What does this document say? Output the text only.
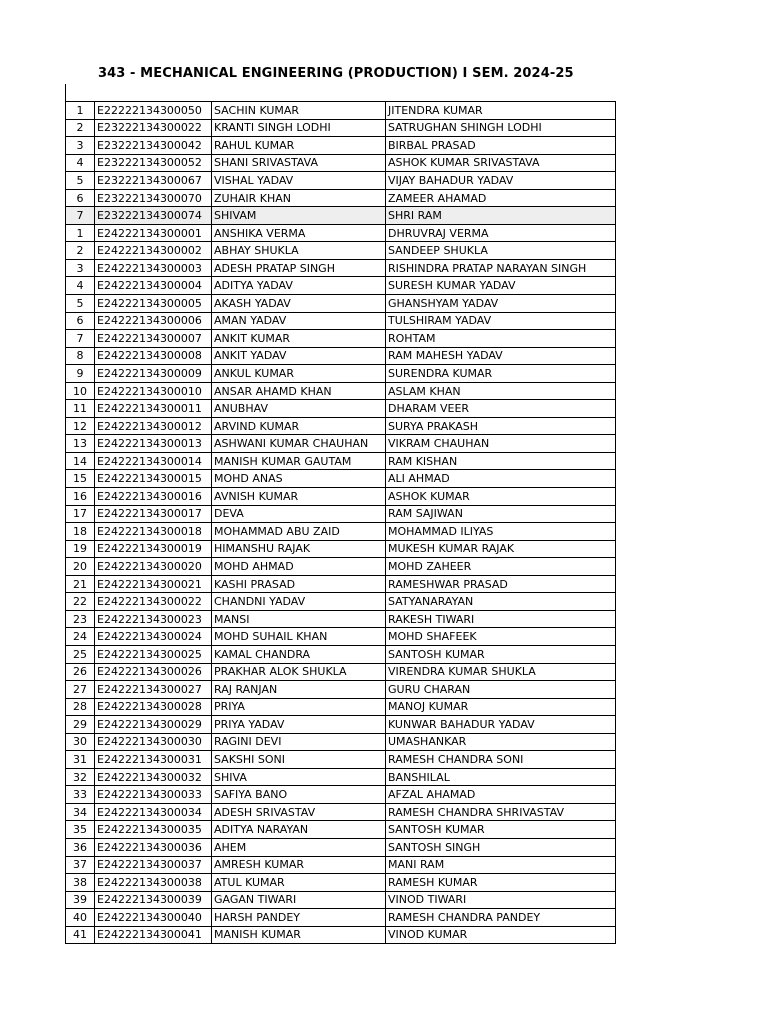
343 - MECHANICAL ENGINEERING (PRODUCTION) I SEM. 2024-25
1	E22222134300050	SACHIN KUMAR	JITENDRA KUMAR
2	E23222134300022	KRANTI SINGH LODHI	SATRUGHAN SHINGH LODHI
3	E23222134300042	RAHUL KUMAR	BIRBAL PRASAD
4	E23222134300052	SHANI SRIVASTAVA	ASHOK KUMAR SRIVASTAVA
5	E23222134300067	VISHAL YADAV	VIJAY BAHADUR YADAV
6	E23222134300070	ZUHAIR KHAN	ZAMEER AHAMAD
7	E23222134300074	SHIVAM	SHRI RAM
1	E24222134300001	ANSHIKA VERMA	DHRUVRAJ VERMA
2	E24222134300002	ABHAY SHUKLA	SANDEEP SHUKLA
3	E24222134300003	ADESH PRATAP SINGH	RISHINDRA PRATAP NARAYAN SINGH
4	E24222134300004	ADITYA YADAV	SURESH KUMAR YADAV
5	E24222134300005	AKASH YADAV	GHANSHYAM YADAV
6	E24222134300006	AMAN YADAV	TULSHIRAM YADAV
7	E24222134300007	ANKIT KUMAR	ROHTAM
8	E24222134300008	ANKIT YADAV	RAM MAHESH YADAV
9	E24222134300009	ANKUL KUMAR	SURENDRA KUMAR
10	E24222134300010	ANSAR AHAMD KHAN	ASLAM KHAN
11	E24222134300011	ANUBHAV	DHARAM VEER
12	E24222134300012	ARVIND KUMAR	SURYA PRAKASH
13	E24222134300013	ASHWANI KUMAR CHAUHAN	VIKRAM CHAUHAN
14	E24222134300014	MANISH KUMAR GAUTAM	RAM KISHAN
15	E24222134300015	MOHD ANAS	ALI AHMAD
16	E24222134300016	AVNISH KUMAR	ASHOK KUMAR
17	E24222134300017	DEVA	RAM SAJIWAN
18	E24222134300018	MOHAMMAD ABU ZAID	MOHAMMAD ILIYAS
19	E24222134300019	HIMANSHU RAJAK	MUKESH KUMAR RAJAK
20	E24222134300020	MOHD AHMAD	MOHD ZAHEER
21	E24222134300021	KASHI PRASAD	RAMESHWAR PRASAD
22	E24222134300022	CHANDNI YADAV	SATYANARAYAN
23	E24222134300023	MANSI	RAKESH TIWARI
24	E24222134300024	MOHD SUHAIL KHAN	MOHD SHAFEEK
25	E24222134300025	KAMAL CHANDRA	SANTOSH KUMAR
26	E24222134300026	PRAKHAR ALOK SHUKLA	VIRENDRA KUMAR SHUKLA
27	E24222134300027	RAJ RANJAN	GURU CHARAN
28	E24222134300028	PRIYA	MANOJ KUMAR
29	E24222134300029	PRIYA YADAV	KUNWAR BAHADUR YADAV
30	E24222134300030	RAGINI DEVI	UMASHANKAR
31	E24222134300031	SAKSHI SONI	RAMESH CHANDRA SONI
32	E24222134300032	SHIVA	BANSHILAL
33	E24222134300033	SAFIYA BANO	AFZAL AHAMAD
34	E24222134300034	ADESH SRIVASTAV	RAMESH CHANDRA SHRIVASTAV
35	E24222134300035	ADITYA NARAYAN	SANTOSH KUMAR
36	E24222134300036	AHEM	SANTOSH SINGH
37	E24222134300037	AMRESH KUMAR	MANI RAM
38	E24222134300038	ATUL KUMAR	RAMESH KUMAR
39	E24222134300039	GAGAN TIWARI	VINOD TIWARI
40	E24222134300040	HARSH PANDEY	RAMESH CHANDRA PANDEY
41	E24222134300041	MANISH KUMAR	VINOD KUMAR
